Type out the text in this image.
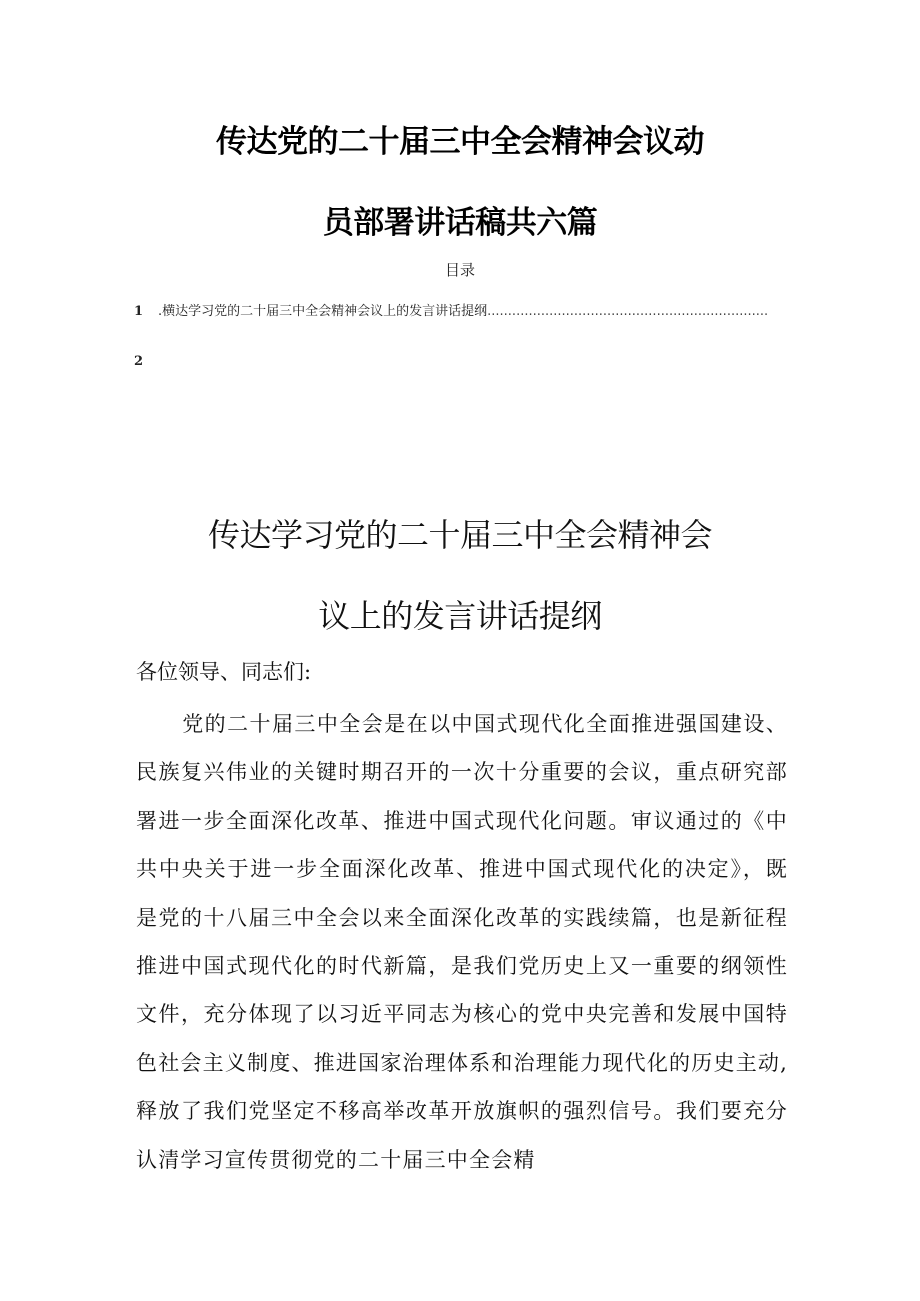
传达党的二十届三中全会精神会议动
员部署讲话稿共六篇
目录
1 .横达学习党的二十届三中全会精神会议上的发言讲话提纲....................................................................
2
传达学习党的二十届三中全会精神会
议上的发言讲话提纲
各位领导、同志们:
党的二十届三中全会是在以中国式现代化全面推进强国建设、民族复兴伟业的关键时期召开的一次十分重要的会议，重点研究部署进一步全面深化改革、推进中国式现代化问题。审议通过的《中共中央关于进一步全面深化改革、推进中国式现代化的决定》，既是党的十八届三中全会以来全面深化改革的实践续篇，也是新征程推进中国式现代化的时代新篇，是我们党历史上又一重要的纲领性文件，充分体现了以习近平同志为核心的党中央完善和发展中国特色社会主义制度、推进国家治理体系和治理能力现代化的历史主动,释放了我们党坚定不移高举改革开放旗帜的强烈信号。我们要充分认清学习宣传贯彻党的二十届三中全会精
